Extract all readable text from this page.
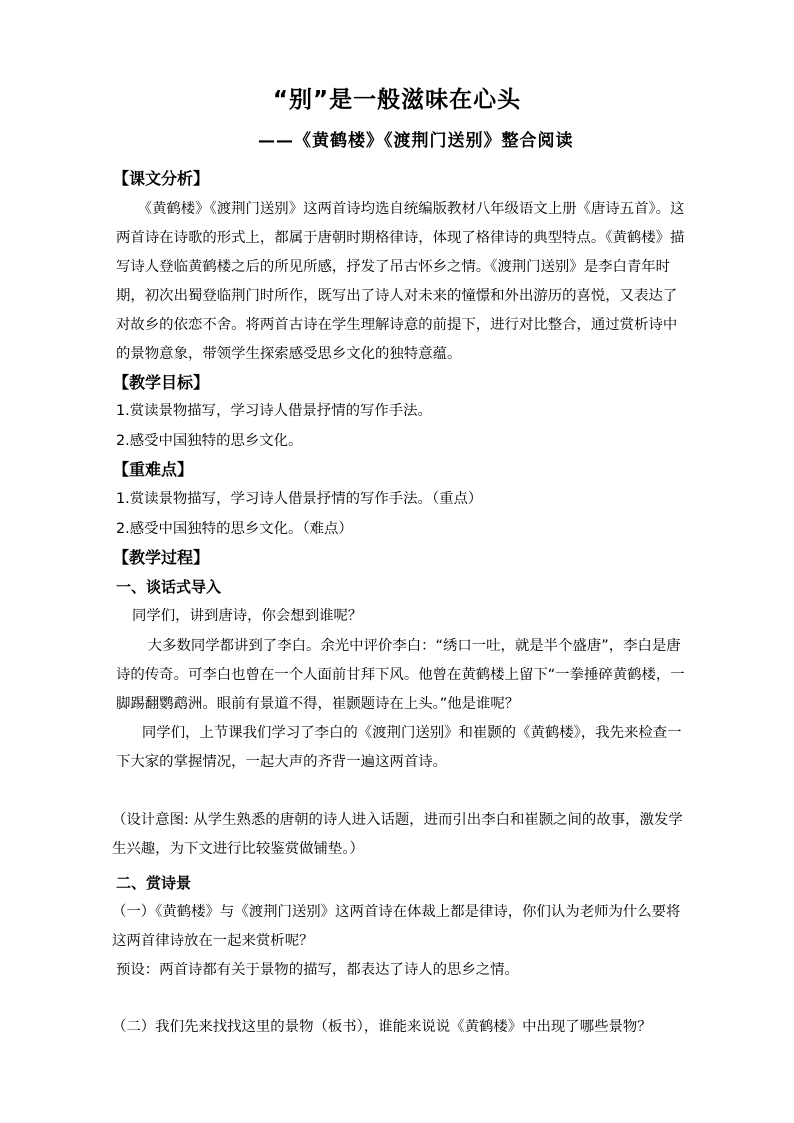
“别”是一般滋味在心头
——《黄鹤楼》《渡荆门送别》整合阅读
【课文分析】
《黄鹤楼》《渡荆门送别》这两首诗均选自统编版教材八年级语文上册《唐诗五首》。这两首诗在诗歌的形式上，都属于唐朝时期格律诗，体现了格律诗的典型特点。《黄鹤楼》描写诗人登临黄鹤楼之后的所见所感，抒发了吊古怀乡之情。《渡荆门送别》是李白青年时期，初次出蜀登临荆门时所作，既写出了诗人对未来的憧憬和外出游历的喜悦，又表达了对故乡的依恋不舍。将两首古诗在学生理解诗意的前提下，进行对比整合，通过赏析诗中的景物意象，带领学生探索感受思乡文化的独特意蕴。
【教学目标】
1.赏读景物描写，学习诗人借景抒情的写作手法。
2.感受中国独特的思乡文化。
【重难点】
1.赏读景物描写，学习诗人借景抒情的写作手法。（重点）
2.感受中国独特的思乡文化。（难点）
【教学过程】
一、谈话式导入
同学们，讲到唐诗，你会想到谁呢？
大多数同学都讲到了李白。余光中评价李白：“绣口一吐，就是半个盛唐”，李白是唐诗的传奇。可李白也曾在一个人面前甘拜下风。他曾在黄鹤楼上留下“一拳捶碎黄鹤楼，一脚踢翻鹦鹉洲。眼前有景道不得，崔颢题诗在上头。”他是谁呢？
同学们，上节课我们学习了李白的《渡荆门送别》和崔颢的《黄鹤楼》，我先来检查一下大家的掌握情况，一起大声的齐背一遍这两首诗。
（设计意图: 从学生熟悉的唐朝的诗人进入话题，进而引出李白和崔颢之间的故事，激发学生兴趣，为下文进行比较鉴赏做铺垫。）
二、赏诗景
（一）《黄鹤楼》与《渡荆门送别》这两首诗在体裁上都是律诗，你们认为老师为什么要将这两首律诗放在一起来赏析呢？
预设：两首诗都有关于景物的描写，都表达了诗人的思乡之情。
（二）我们先来找找这里的景物（板书），谁能来说说《黄鹤楼》中出现了哪些景物？
